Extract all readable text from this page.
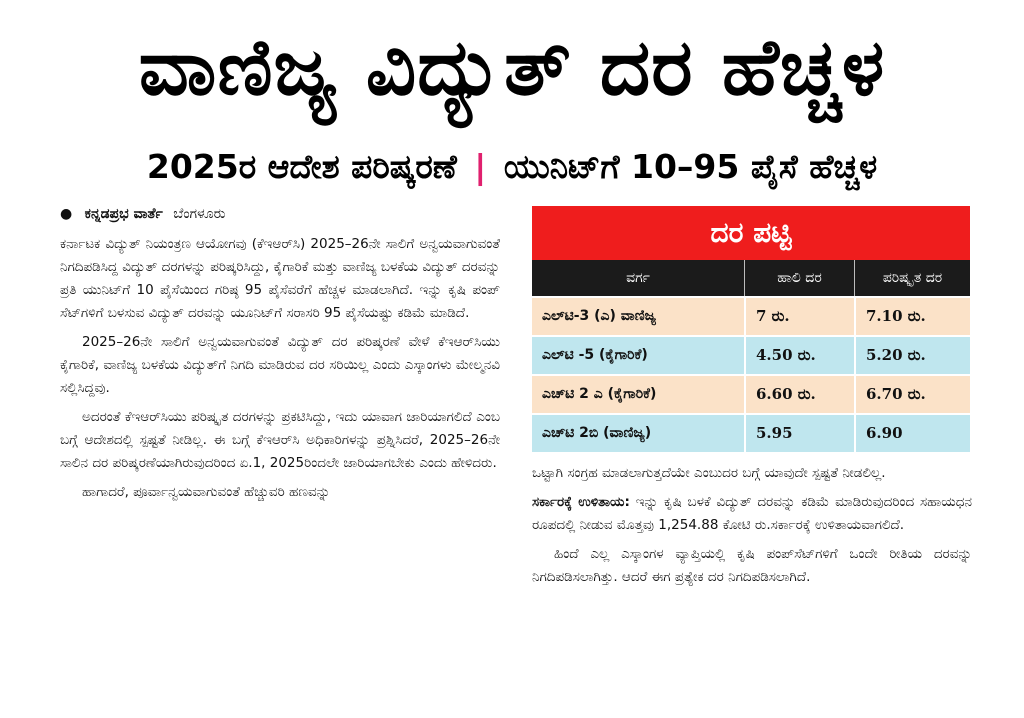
ವಾಣಿಜ್ಯ ವಿದ್ಯುತ್ ದರ ಹೆಚ್ಚಳ
2025ರ ಆದೇಶ ಪರಿಷ್ಕರಣೆ | ಯುನಿಟ್‌ಗೆ 10–95 ಪೈಸೆ ಹೆಚ್ಚಳ
● ಕನ್ನಡಪ್ರಭ ವಾರ್ತೆ ಬೆಂಗಳೂರು

ಕರ್ನಾಟಕ ವಿದ್ಯುತ್ ನಿಯಂತ್ರಣ ಆಯೋಗವು (ಕೆಇಆರ್‌ಸಿ) 2025–26ನೇ ಸಾಲಿಗೆ ಅನ್ವಯವಾಗುವಂತೆ ನಿಗದಿಪಡಿಸಿದ್ದ ವಿದ್ಯುತ್ ದರಗಳನ್ನು ಪರಿಷ್ಕರಿಸಿದ್ದು, ಕೈಗಾರಿಕೆ ಮತ್ತು ವಾಣಿಜ್ಯ ಬಳಕೆಯ ವಿದ್ಯುತ್ ದರವನ್ನು ಪ್ರತಿ ಯುನಿಟ್‌ಗೆ 10 ಪೈಸೆಯಿಂದ ಗರಿಷ್ಠ 95 ಪೈಸೆವರೆಗೆ ಹೆಚ್ಚಳ ಮಾಡಲಾಗಿದೆ. ಇನ್ನು ಕೃಷಿ ಪಂಪ್ ಸೆಟ್‌ಗಳಿಗೆ ಬಳಸುವ ವಿದ್ಯುತ್ ದರವನ್ನು ಯೂನಿಟ್‌ಗೆ ಸರಾಸರಿ 95 ಪೈಸೆಯಷ್ಟು ಕಡಿಮೆ ಮಾಡಿದೆ.

2025–26ನೇ ಸಾಲಿಗೆ ಅನ್ವಯವಾಗುವಂತೆ ವಿದ್ಯುತ್ ದರ ಪರಿಷ್ಕರಣೆ ವೇಳೆ ಕೆಇಆರ್‌ಸಿಯು ಕೈಗಾರಿಕೆ, ವಾಣಿಜ್ಯ ಬಳಕೆಯ ವಿದ್ಯುತ್‌ಗೆ ನಿಗದಿ ಮಾಡಿರುವ ದರ ಸರಿಯಿಲ್ಲ ಎಂದು ಎಸ್ಕಾಂಗಳು ಮೇಲ್ಮನವಿ ಸಲ್ಲಿಸಿದ್ದವು.

ಅದರಂತೆ ಕೆಇಆರ್‌ಸಿಯು ಪರಿಷ್ಕೃತ ದರಗಳನ್ನು ಪ್ರಕಟಿಸಿದ್ದು, ಇದು ಯಾವಾಗ ಜಾರಿಯಾಗಲಿದೆ ಎಂಬ ಬಗ್ಗೆ ಆದೇಶದಲ್ಲಿ ಸ್ಪಷ್ಟತೆ ನೀಡಿಲ್ಲ. ಈ ಬಗ್ಗೆ ಕೆಇಆರ್‌ಸಿ ಅಧಿಕಾರಿಗಳನ್ನು ಪ್ರಶ್ನಿಸಿದರೆ, 2025–26ನೇ ಸಾಲಿನ ದರ ಪರಿಷ್ಕರಣೆಯಾಗಿರುವುದರಿಂದ ಏ.1, 2025ರಿಂದಲೇ ಜಾರಿಯಾಗಬೇಕು ಎಂದು ಹೇಳಿದರು.

ಹಾಗಾದರೆ, ಪೂರ್ವಾನ್ವಯವಾಗುವಂತೆ ಹೆಚ್ಚುವರಿ ಹಣವನ್ನು

ದರ ಪಟ್ಟಿ
ವರ್ಗ	ಹಾಲಿ ದರ	ಪರಿಷ್ಕೃತ ದರ
ಎಲ್‌ಟಿ-3 (ಎ) ವಾಣಿಜ್ಯ	7 ರು.	7.10 ರು.
ಎಲ್‌ಟಿ -5 (ಕೈಗಾರಿಕೆ)	4.50 ರು.	5.20 ರು.
ಎಚ್‌ಟಿ 2 ಎ (ಕೈಗಾರಿಕೆ)	6.60 ರು.	6.70 ರು.
ಎಚ್‌ಟಿ 2ಬಿ (ವಾಣಿಜ್ಯ)	5.95	6.90

ಒಟ್ಟಾಗಿ ಸಂಗ್ರಹ ಮಾಡಲಾಗುತ್ತದೆಯೇ ಎಂಬುದರ ಬಗ್ಗೆ ಯಾವುದೇ ಸ್ಪಷ್ಟತೆ ನೀಡಲಿಲ್ಲ.

ಸರ್ಕಾರಕ್ಕೆ ಉಳಿತಾಯ: ಇನ್ನು ಕೃಷಿ ಬಳಕೆ ವಿದ್ಯುತ್ ದರವನ್ನು ಕಡಿಮೆ ಮಾಡಿರುವುದರಿಂದ ಸಹಾಯಧನ ರೂಪದಲ್ಲಿ ನೀಡುವ ಮೊತ್ತವು 1,254.88 ಕೋಟಿ ರು.ಸರ್ಕಾರಕ್ಕೆ ಉಳಿತಾಯವಾಗಲಿದೆ.

ಹಿಂದೆ ಎಲ್ಲ ಎಸ್ಕಾಂಗಳ ವ್ಯಾಪ್ತಿಯಲ್ಲಿ ಕೃಷಿ ಪಂಪ್‌ಸೆಟ್‌ಗಳಿಗೆ ಒಂದೇ ರೀತಿಯ ದರವನ್ನು ನಿಗದಿಪಡಿಸಲಾಗಿತ್ತು. ಆದರೆ ಈಗ ಪ್ರತ್ಯೇಕ ದರ ನಿಗದಿಪಡಿಸಲಾಗಿದೆ.
